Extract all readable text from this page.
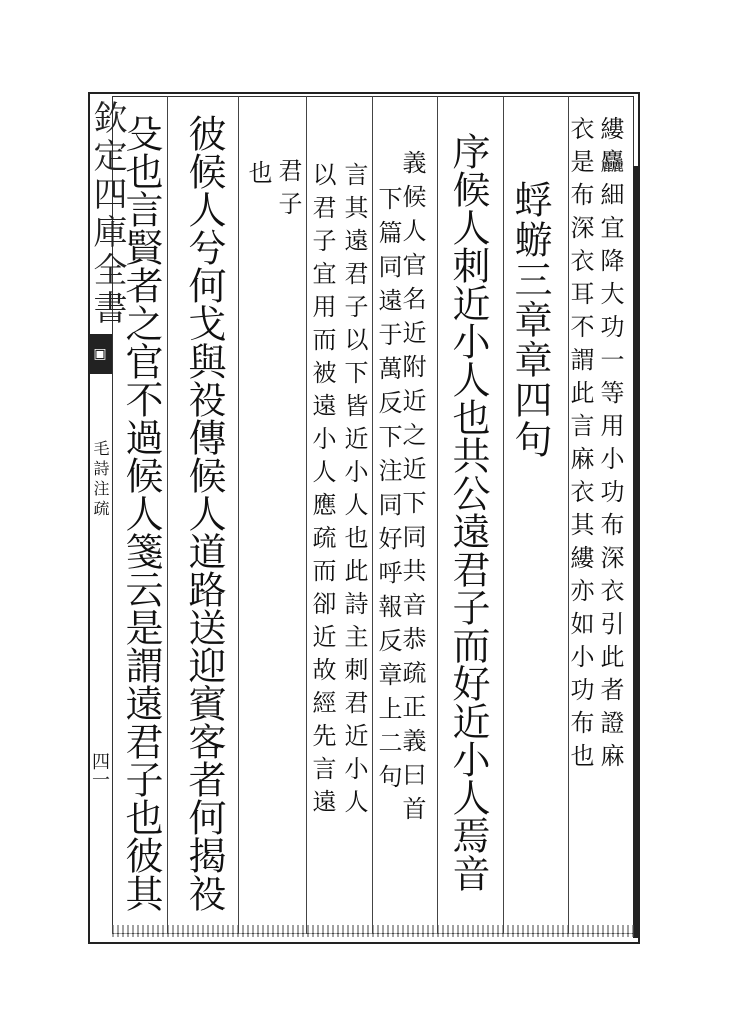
欽定四庫全書
▣
毛詩注疏
四一	縷麤細宜降大功一等用小功布深衣引此者證麻
衣是布深衣耳不謂此言麻衣其縷亦如小功布也
蜉蝣三章章四句
序候人刺近小人也共公遠君子而好近小人焉音
義候人官名近附近之近下同共音恭疏正義曰首
下篇同遠于萬反下注同好呼報反章上二句
言其遠君子以下皆近小人也此詩主刺君近小人
以君子宜用而被遠小人應疏而卻近故經先言遠
君子
也
彼候人兮何戈與祋傳候人道路送迎賓客者何揭祋
殳也言賢者之官不過候人箋云是謂遠君子也彼其
